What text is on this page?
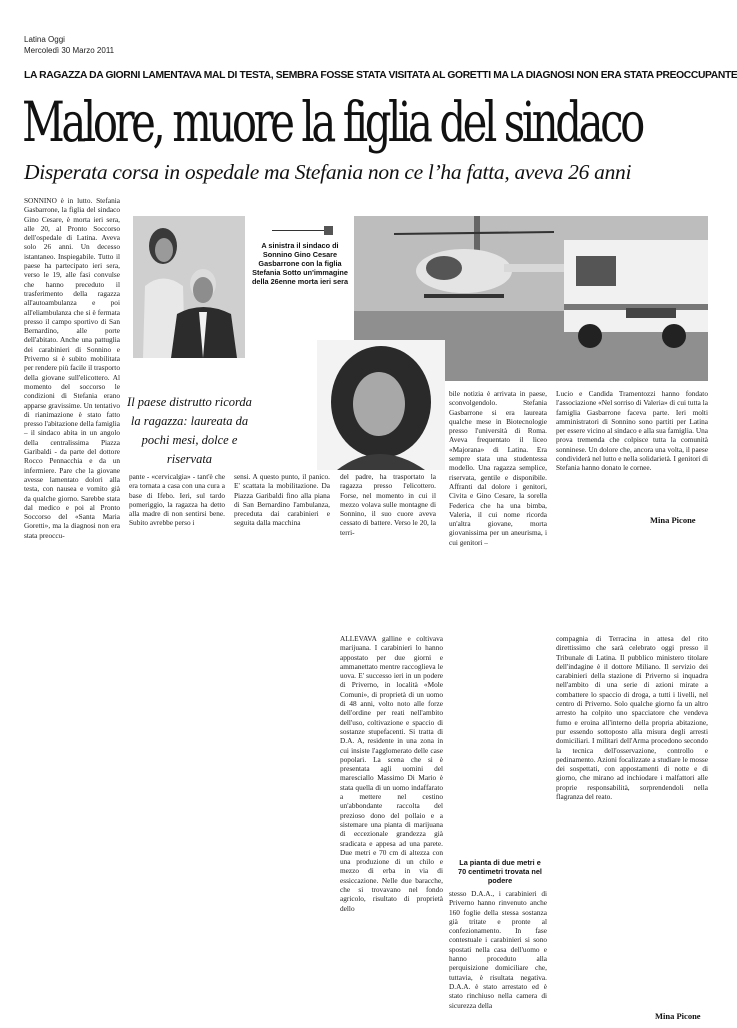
Latina Oggi
Mercoledì 30 Marzo 2011
LA RAGAZZA DA GIORNI LAMENTAVA MAL DI TESTA, SEMBRA FOSSE STATA VISITATA AL GORETTI MA LA DIAGNOSI NON ERA STATA PREOCCUPANTE
Malore, muore la figlia del sindaco
Disperata corsa in ospedale ma Stefania non ce l’ha fatta, aveva 26 anni
SONNINO è in lutto. Stefania Gasbarrone, la figlia del sindaco Gino Cesare, è morta ieri sera, alle 20, al Pronto Soccorso dell'ospedale di Latina. Aveva solo 26 anni. Un decesso istantaneo. Inspiegabile. Tutto il paese ha partecipato ieri sera, verso le 19, alle fasi convulse che hanno preceduto il trasferimento della ragazza all'autoambulanza e poi all'eliambulanza che si è fermata presso il campo sportivo di San Bernardino, alle porte dell'abitato. Anche una pattuglia dei carabinieri di Sonnino e Priverno si è subito mobilitata per rendere più facile il trasporto della giovane sull'elicottero. Al momento del soccorso le condizioni di Stefania erano apparse gravissime. Un tentativo di rianimazione è stato fatto presso l'abitazione della famiglia – il sindaco abita in un angolo della centralissima Piazza Garibaldi - da parte del dottore Rocco Pennacchia e da un infermiere. Pare che la giovane avesse lamentato dolori alla testa, con nausea e vomito già da qualche giorno. Sarebbe stata dal medico e poi al Pronto Soccorso del «Santa Maria Goretti», ma la diagnosi non era stata preoccu-
pante - «cervicalgia» - tant'è che era tornata a casa con una cura a base di Ifebo. Ieri, sul tardo pomeriggio, la ragazza ha detto alla madre di non sentirsi bene. Subito avrebbe perso i
sensi. A questo punto, il panico. E' scattata la mobilitazione. Da Piazza Garibaldi fino alla piana di San Bernardino l'ambulanza, preceduta dai carabinieri e seguita dalla macchina
del padre, ha trasportato la ragazza presso l'elicottero. Forse, nel momento in cui il mezzo volava sulle montagne di Sonnino, il suo cuore aveva cessato di battere. Verso le 20, la terri-
bile notizia è arrivata in paese, sconvolgendolo. Stefania Gasbarrone si era laureata qualche mese in Biotecnologie presso l'università di Roma. Aveva frequentato il liceo «Majorana» di Latina. Era sempre stata una studentessa modello. Una ragazza semplice, riservata, gentile e disponibile. Affranti dal dolore i genitori, Civita e Gino Cesare, la sorella Federica che ha una bimba, Valeria, il cui nome ricorda un'altra giovane, morta giovanissima per un aneurisma, i cui genitori –
Lucio e Candida Tramentozzi hanno fondato l'associazione «Nel sorriso di Valeria» di cui tutta la famiglia Gasbarrone faceva parte. Ieri molti amministratori di Sonnino sono partiti per Latina per essere vicino al sindaco e alla sua famiglia. Una prova tremenda che colpisce tutta la comunità sonninese. Un dolore che, ancora una volta, il paese condividerà nel lutto e nella solidarietà. I genitori di Stefania hanno donato le cornee.
A sinistra il sindaco di Sonnino Gino Cesare Gasbarrone con la figlia Stefania Sotto un'immagine della 26enne morta ieri sera
Il paese distrutto ricorda la ragazza: laureata da pochi mesi, dolce e riservata
Mina Picone
ALLEVAVA galline e coltivava marijuana. I carabinieri lo hanno appostato per due giorni e ammanettato mentre raccoglieva le uova. E' successo ieri in un podere di Priverno, in località «Mole Comuni», di proprietà di un uomo di 48 anni, volto noto alle forze dell'ordine per reati nell'ambito dell'uso, coltivazione e spaccio di sostanze stupefacenti. Si tratta di D.A. A, residente in una zona in cui insiste l'agglomerato delle case popolari. La scena che si è presentata agli uomini del maresciallo Massimo Di Mario è stata quella di un uomo indaffarato a mettere nel cestino un'abbondante raccolta del prezioso dono del pollaio e a sistemare una pianta di marijuana di eccezionale grandezza già sradicata e appesa ad una parete. Due metri e 70 cm di altezza con una produzione di un chilo e mezzo di erba in via di essiccazione. Nelle due baracche, che si trovavano nel fondo agricolo, risultato di proprietà dello
La pianta di due metri e 70 centimetri trovata nel podere
stesso D.A.A., i carabinieri di Priverno hanno rinvenuto anche 160 foglie della stessa sostanza già tritate e pronte al confezionamento. In fase contestuale i carabinieri si sono spostati nella casa dell'uomo e hanno proceduto alla perquisizione domiciliare che, tuttavia, è risultata negativa. D.A.A. è stato arrestato ed è stato rinchiuso nella camera di sicurezza della
compagnia di Terracina in attesa del rito direttissimo che sarà celebrato oggi presso il Tribunale di Latina. Il pubblico ministero titolare dell'indagine è il dottore Miliano. Il servizio dei carabinieri della stazione di Priverno si inquadra nell'ambito di una serie di azioni mirate a combattere lo spaccio di droga, a tutti i livelli, nel centro di Priverno. Solo qualche giorno fa un altro arresto ha colpito uno spacciatore che vendeva fumo e eroina all'interno della propria abitazione, pur essendo sottoposto alla misura degli arresti domiciliari. I militari dell'Arma procedono secondo la tecnica dell'osservazione, controllo e pedinamento. Azioni focalizzate a studiare le mosse dei sospettati, con appostamenti di notte e di giorno, che mirano ad inchiodare i malfattori alle proprie responsabilità, sorprendendoli nella flagranza del reato.
Mina Picone
